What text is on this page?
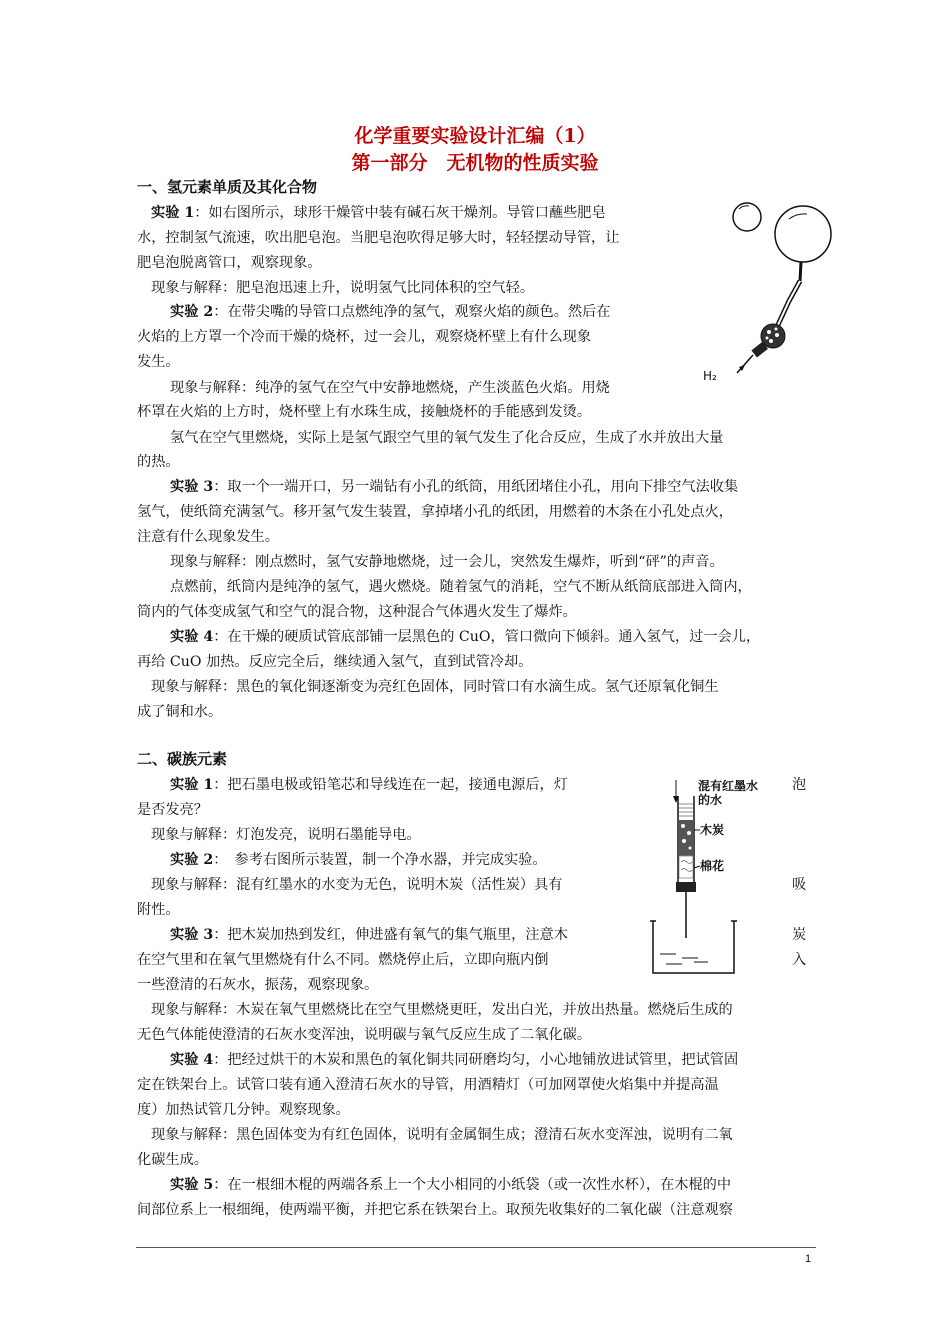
化学重要实验设计汇编（1）
第一部分　无机物的性质实验
一、氢元素单质及其化合物
实验 1：如右图所示，球形干燥管中装有碱石灰干燥剂。导管口蘸些肥皂
水，控制氢气流速，吹出肥皂泡。当肥皂泡吹得足够大时，轻轻摆动导管，让
肥皂泡脱离管口，观察现象。
现象与解释：肥皂泡迅速上升，说明氢气比同体积的空气轻。
实验 2：在带尖嘴的导管口点燃纯净的氢气，观察火焰的颜色。然后在
火焰的上方罩一个冷而干燥的烧杯，过一会儿，观察烧杯壁上有什么现象
发生。
现象与解释：纯净的氢气在空气中安静地燃烧，产生淡蓝色火焰。用烧
杯罩在火焰的上方时，烧杯壁上有水珠生成，接触烧杯的手能感到发烫。
氢气在空气里燃烧，实际上是氢气跟空气里的氧气发生了化合反应，生成了水并放出大量
的热。
实验 3：取一个一端开口，另一端钻有小孔的纸筒，用纸团堵住小孔，用向下排空气法收集
氢气，使纸筒充满氢气。移开氢气发生装置，拿掉堵小孔的纸团，用燃着的木条在小孔处点火，
注意有什么现象发生。
现象与解释：刚点燃时，氢气安静地燃烧，过一会儿，突然发生爆炸，听到“砰”的声音。
点燃前，纸筒内是纯净的氢气，遇火燃烧。随着氢气的消耗，空气不断从纸筒底部进入筒内，
筒内的气体变成氢气和空气的混合物，这种混合气体遇火发生了爆炸。
实验 4：在干燥的硬质试管底部铺一层黑色的 CuO，管口微向下倾斜。通入氢气，过一会儿，
再给 CuO 加热。反应完全后，继续通入氢气，直到试管冷却。
现象与解释：黑色的氧化铜逐渐变为亮红色固体，同时管口有水滴生成。氢气还原氧化铜生
成了铜和水。
H₂
二、碳族元素
实验 1：把石墨电极或铅笔芯和导线连在一起，接通电源后，灯	泡
是否发亮？
现象与解释：灯泡发亮，说明石墨能导电。
实验 2：　参考右图所示装置，制一个净水器，并完成实验。
现象与解释：混有红墨水的水变为无色，说明木炭（活性炭）具有	吸
附性。
实验 3：把木炭加热到发红，伸进盛有氧气的集气瓶里，注意木	炭
在空气里和在氧气里燃烧有什么不同。燃烧停止后，立即向瓶内倒	入
一些澄清的石灰水，振荡，观察现象。
现象与解释：木炭在氧气里燃烧比在空气里燃烧更旺，发出白光，并放出热量。燃烧后生成的
无色气体能使澄清的石灰水变浑浊，说明碳与氧气反应生成了二氧化碳。
实验 4：把经过烘干的木炭和黑色的氧化铜共同研磨均匀，小心地铺放进试管里，把试管固
定在铁架台上。试管口装有通入澄清石灰水的导管，用酒精灯（可加网罩使火焰集中并提高温
度）加热试管几分钟。观察现象。
现象与解释：黑色固体变为有红色固体，说明有金属铜生成；澄清石灰水变浑浊，说明有二氧
化碳生成。
实验 5：在一根细木棍的两端各系上一个大小相同的小纸袋（或一次性水杯），在木棍的中
间部位系上一根细绳，使两端平衡，并把它系在铁架台上。取预先收集好的二氧化碳（注意观察
混有红墨水
的水
木炭
棉花
1
